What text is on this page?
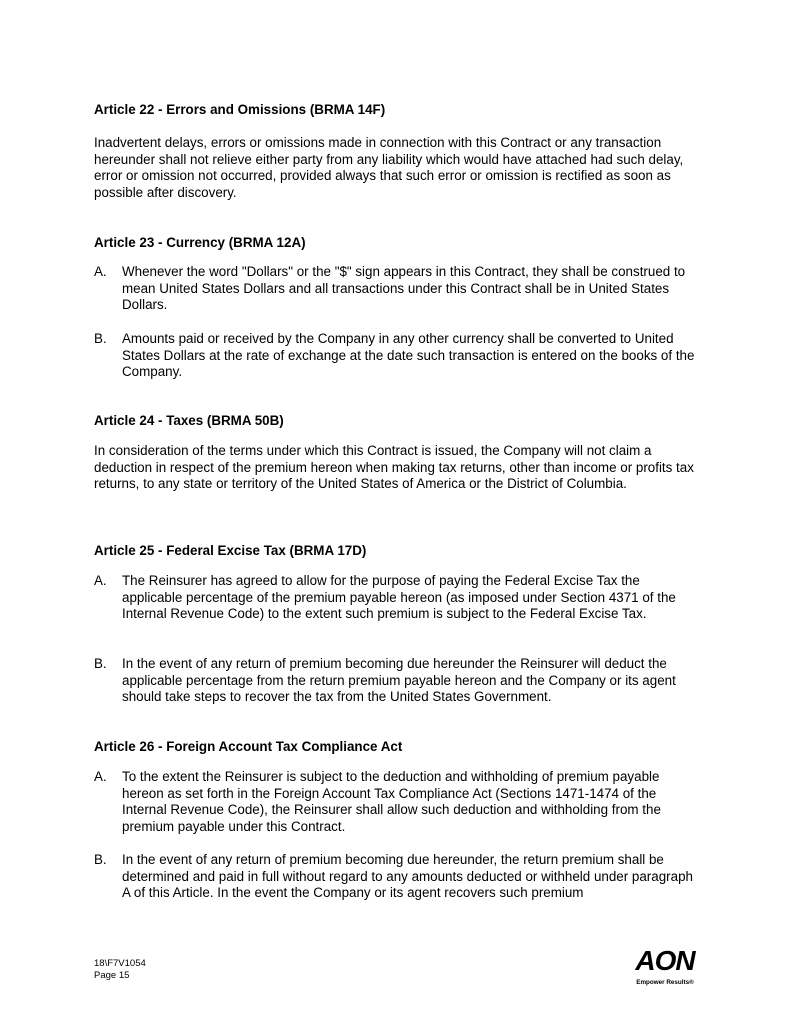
Article 22 - Errors and Omissions (BRMA 14F)
Inadvertent delays, errors or omissions made in connection with this Contract or any transaction hereunder shall not relieve either party from any liability which would have attached had such delay, error or omission not occurred, provided always that such error or omission is rectified as soon as possible after discovery.
Article 23 - Currency (BRMA 12A)
A.	Whenever the word "Dollars" or the "$" sign appears in this Contract, they shall be construed to mean United States Dollars and all transactions under this Contract shall be in United States Dollars.
B.	Amounts paid or received by the Company in any other currency shall be converted to United States Dollars at the rate of exchange at the date such transaction is entered on the books of the Company.
Article 24 - Taxes (BRMA 50B)
In consideration of the terms under which this Contract is issued, the Company will not claim a deduction in respect of the premium hereon when making tax returns, other than income or profits tax returns, to any state or territory of the United States of America or the District of Columbia.
Article 25 - Federal Excise Tax (BRMA 17D)
A.	The Reinsurer has agreed to allow for the purpose of paying the Federal Excise Tax the applicable percentage of the premium payable hereon (as imposed under Section 4371 of the Internal Revenue Code) to the extent such premium is subject to the Federal Excise Tax.
B.	In the event of any return of premium becoming due hereunder the Reinsurer will deduct the applicable percentage from the return premium payable hereon and the Company or its agent should take steps to recover the tax from the United States Government.
Article 26 - Foreign Account Tax Compliance Act
A.	To the extent the Reinsurer is subject to the deduction and withholding of premium payable hereon as set forth in the Foreign Account Tax Compliance Act (Sections 1471-1474 of the Internal Revenue Code), the Reinsurer shall allow such deduction and withholding from the premium payable under this Contract.
B.	In the event of any return of premium becoming due hereunder, the return premium shall be determined and paid in full without regard to any amounts deducted or withheld under paragraph A of this Article. In the event the Company or its agent recovers such premium
18\F7V1054
Page 15	AON
Empower Results®
